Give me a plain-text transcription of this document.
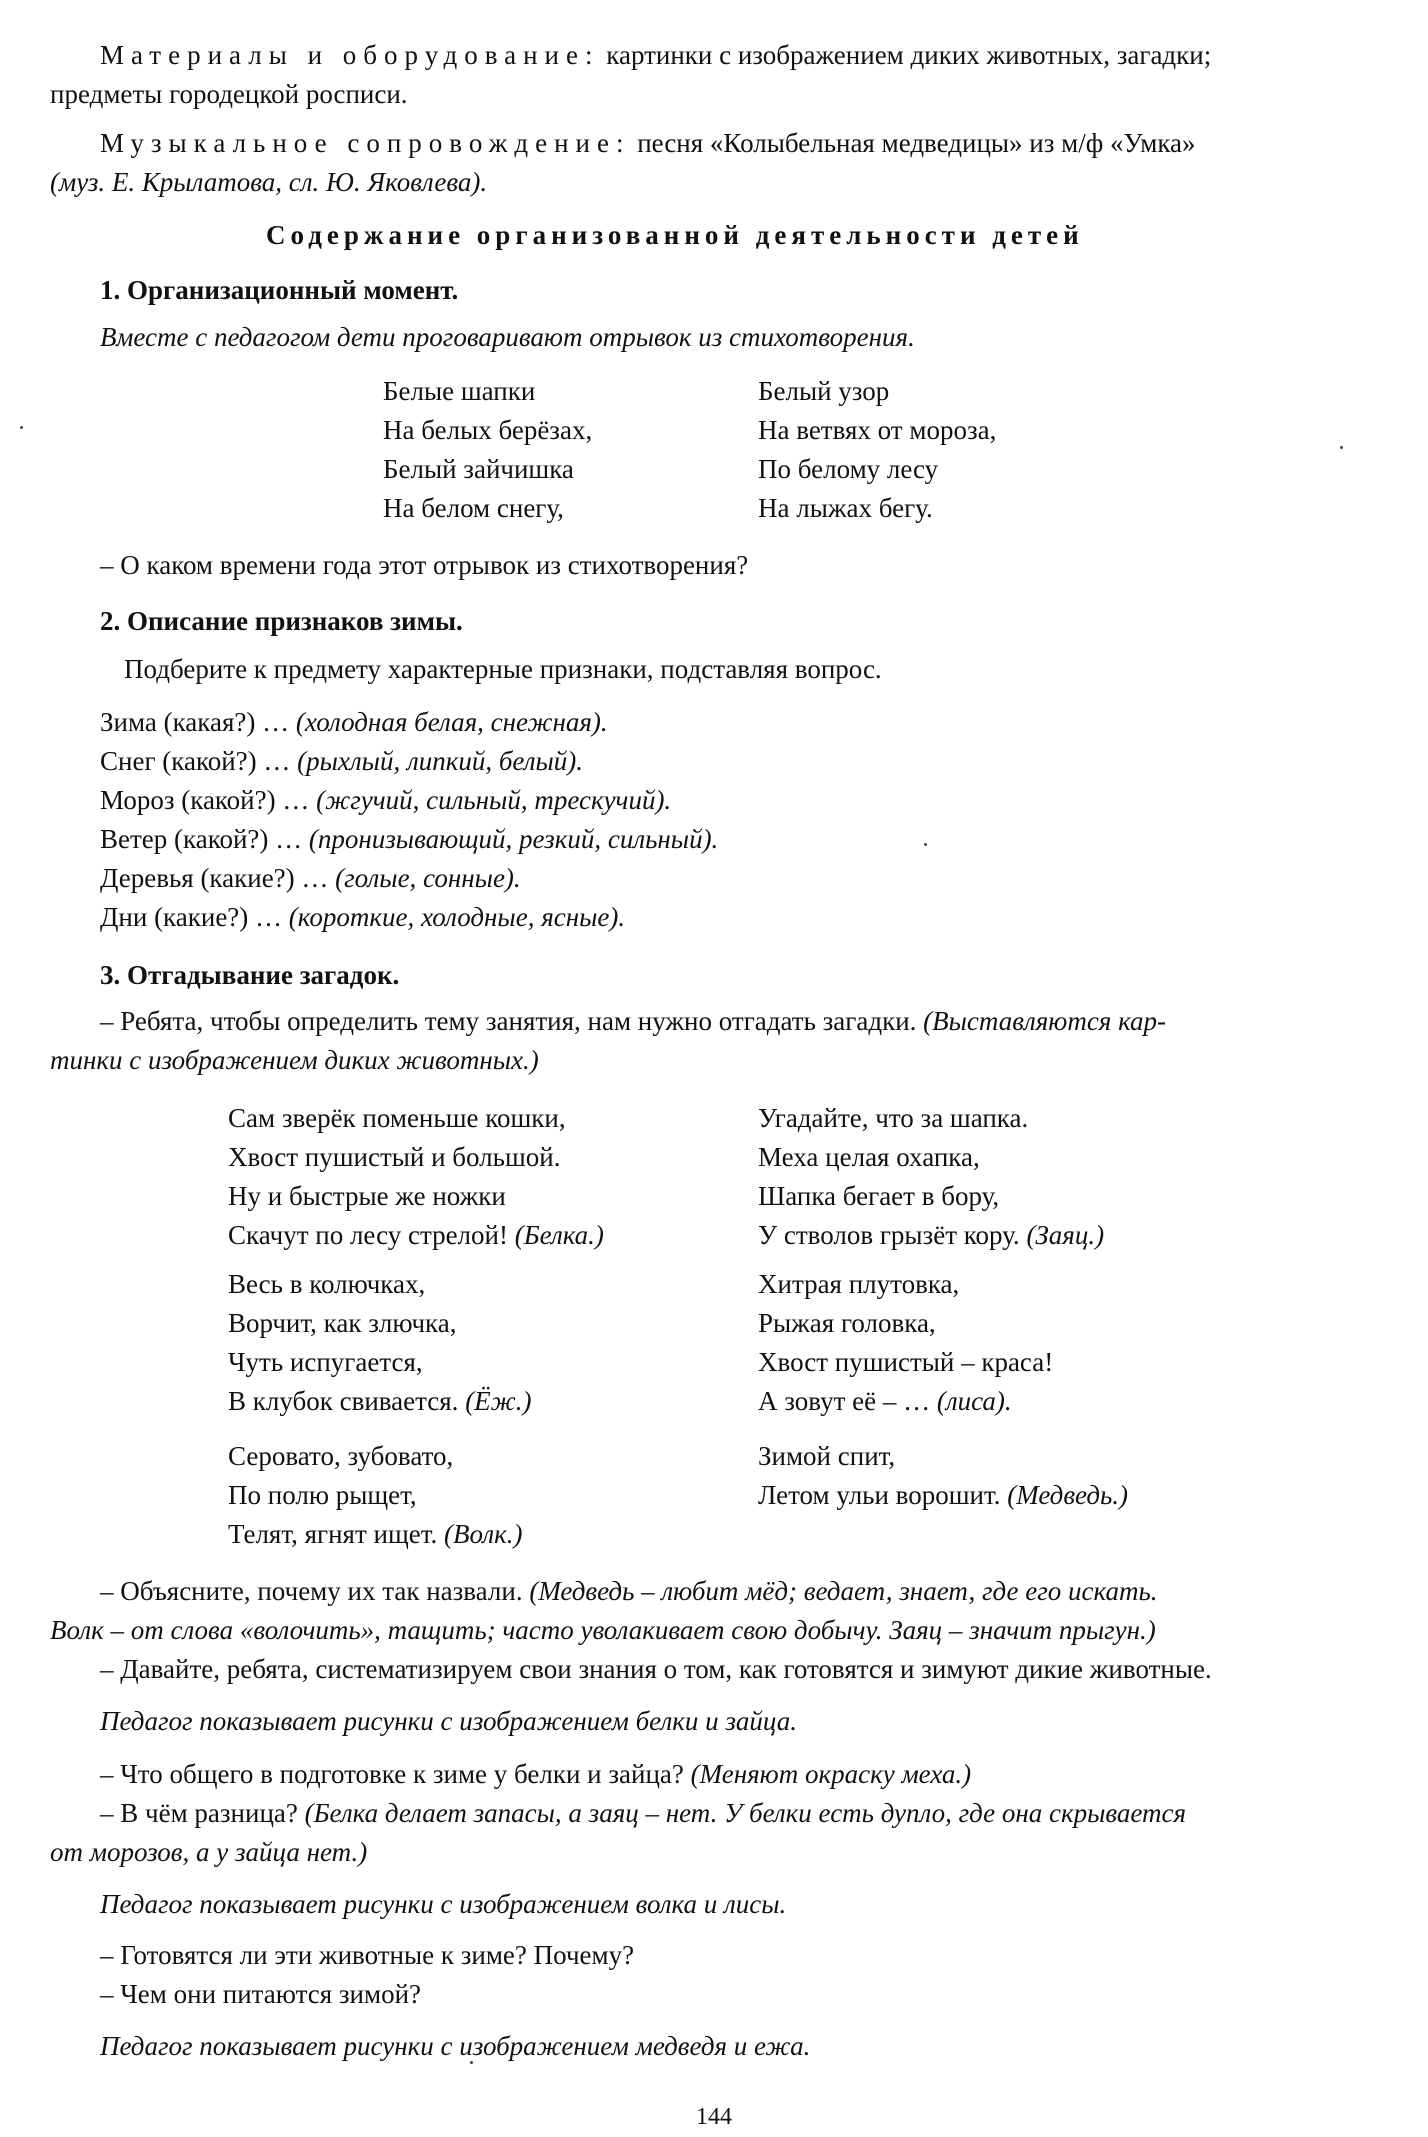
Материалы и оборудование: картинки с изображением диких животных, загадки;
предметы городецкой росписи.
Музыкальное сопровождение: песня «Колыбельная медведицы» из м/ф «Умка»
(муз. Е. Крылатова, сл. Ю. Яковлева).
Содержание организованной деятельности детей
1. Организационный момент.
Вместе с педагогом дети проговаривают отрывок из стихотворения.
Белые шапки
На белых берёзах,
Белый зайчишка
На белом снегу,
Белый узор
На ветвях от мороза,
По белому лесу
На лыжах бегу.
– О каком времени года этот отрывок из стихотворения?
2. Описание признаков зимы.
Подберите к предмету характерные признаки, подставляя вопрос.
Зима (какая?) … (холодная белая, снежная).
Снег (какой?) … (рыхлый, липкий, белый).
Мороз (какой?) … (жгучий, сильный, трескучий).
Ветер (какой?) … (пронизывающий, резкий, сильный).
Деревья (какие?) … (голые, сонные).
Дни (какие?) … (короткие, холодные, ясные).
3. Отгадывание загадок.
– Ребята, чтобы определить тему занятия, нам нужно отгадать загадки. (Выставляются кар-
тинки с изображением диких животных.)
Сам зверёк поменьше кошки,
Хвост пушистый и большой.
Ну и быстрые же ножки
Скачут по лесу стрелой! (Белка.)
Угадайте, что за шапка.
Меха целая охапка,
Шапка бегает в бору,
У стволов грызёт кору. (Заяц.)
Весь в колючках,
Ворчит, как злючка,
Чуть испугается,
В клубок свивается. (Ёж.)
Хитрая плутовка,
Рыжая головка,
Хвост пушистый – краса!
А зовут её – … (лиса).
Серовато, зубовато,
По полю рыщет,
Телят, ягнят ищет. (Волк.)
Зимой спит,
Летом ульи ворошит. (Медведь.)
– Объясните, почему их так назвали. (Медведь – любит мёд; ведает, знает, где его искать.
Волк – от слова «волочить», тащить; часто уволакивает свою добычу. Заяц – значит прыгун.)
– Давайте, ребята, систематизируем свои знания о том, как готовятся и зимуют дикие животные.
Педагог показывает рисунки с изображением белки и зайца.
– Что общего в подготовке к зиме у белки и зайца? (Меняют окраску меха.)
– В чём разница? (Белка делает запасы, а заяц – нет. У белки есть дупло, где она скрывается
от морозов, а у зайца нет.)
Педагог показывает рисунки с изображением волка и лисы.
– Готовятся ли эти животные к зиме? Почему?
– Чем они питаются зимой?
Педагог показывает рисунки с изображением медведя и ежа.
144
